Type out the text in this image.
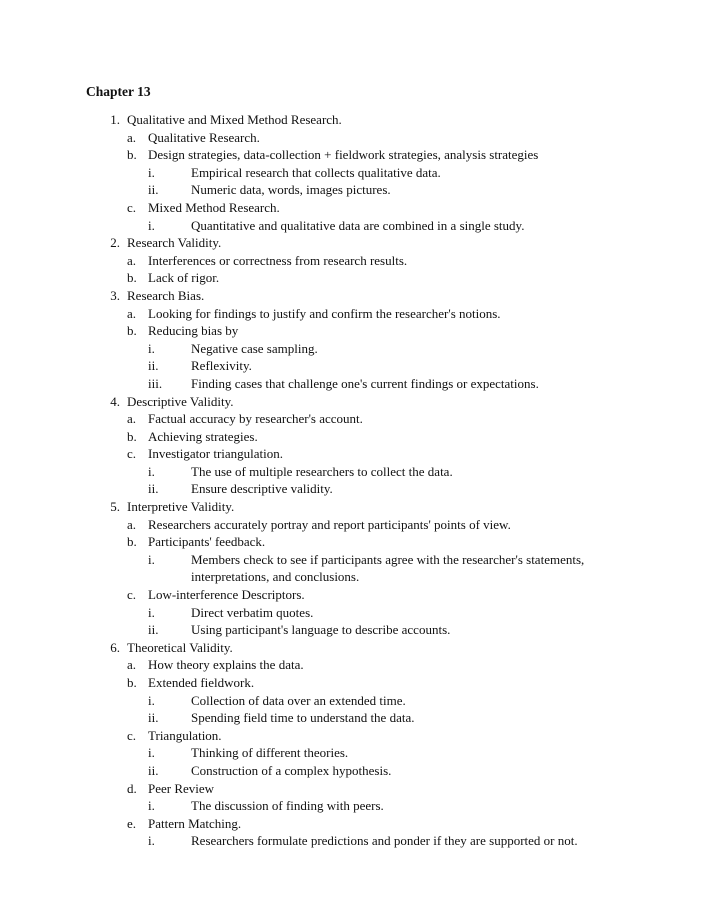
Chapter 13
1. Qualitative and Mixed Method Research.
a. Qualitative Research.
b. Design strategies, data-collection + fieldwork strategies, analysis strategies
i.	Empirical research that collects qualitative data.
ii.	Numeric data, words, images pictures.
c. Mixed Method Research.
i.	Quantitative and qualitative data are combined in a single study.
2. Research Validity.
a. Interferences or correctness from research results.
b. Lack of rigor.
3. Research Bias.
a. Looking for findings to justify and confirm the researcher's notions.
b. Reducing bias by
i.	Negative case sampling.
ii.	Reflexivity.
iii. Finding cases that challenge one's current findings or expectations.
4. Descriptive Validity.
a. Factual accuracy by researcher's account.
b. Achieving strategies.
c. Investigator triangulation.
i.	The use of multiple researchers to collect the data.
ii.	Ensure descriptive validity.
5. Interpretive Validity.
a. Researchers accurately portray and report participants' points of view.
b. Participants' feedback.
i.	Members check to see if participants agree with the researcher's statements, interpretations, and conclusions.
c. Low-interference Descriptors.
i.	Direct verbatim quotes.
ii.	Using participant's language to describe accounts.
6. Theoretical Validity.
a. How theory explains the data.
b. Extended fieldwork.
i.	Collection of data over an extended time.
ii.	Spending field time to understand the data.
c. Triangulation.
i.	Thinking of different theories.
ii.	Construction of a complex hypothesis.
d. Peer Review
i.	The discussion of finding with peers.
e. Pattern Matching.
i.	Researchers formulate predictions and ponder if they are supported or not.
